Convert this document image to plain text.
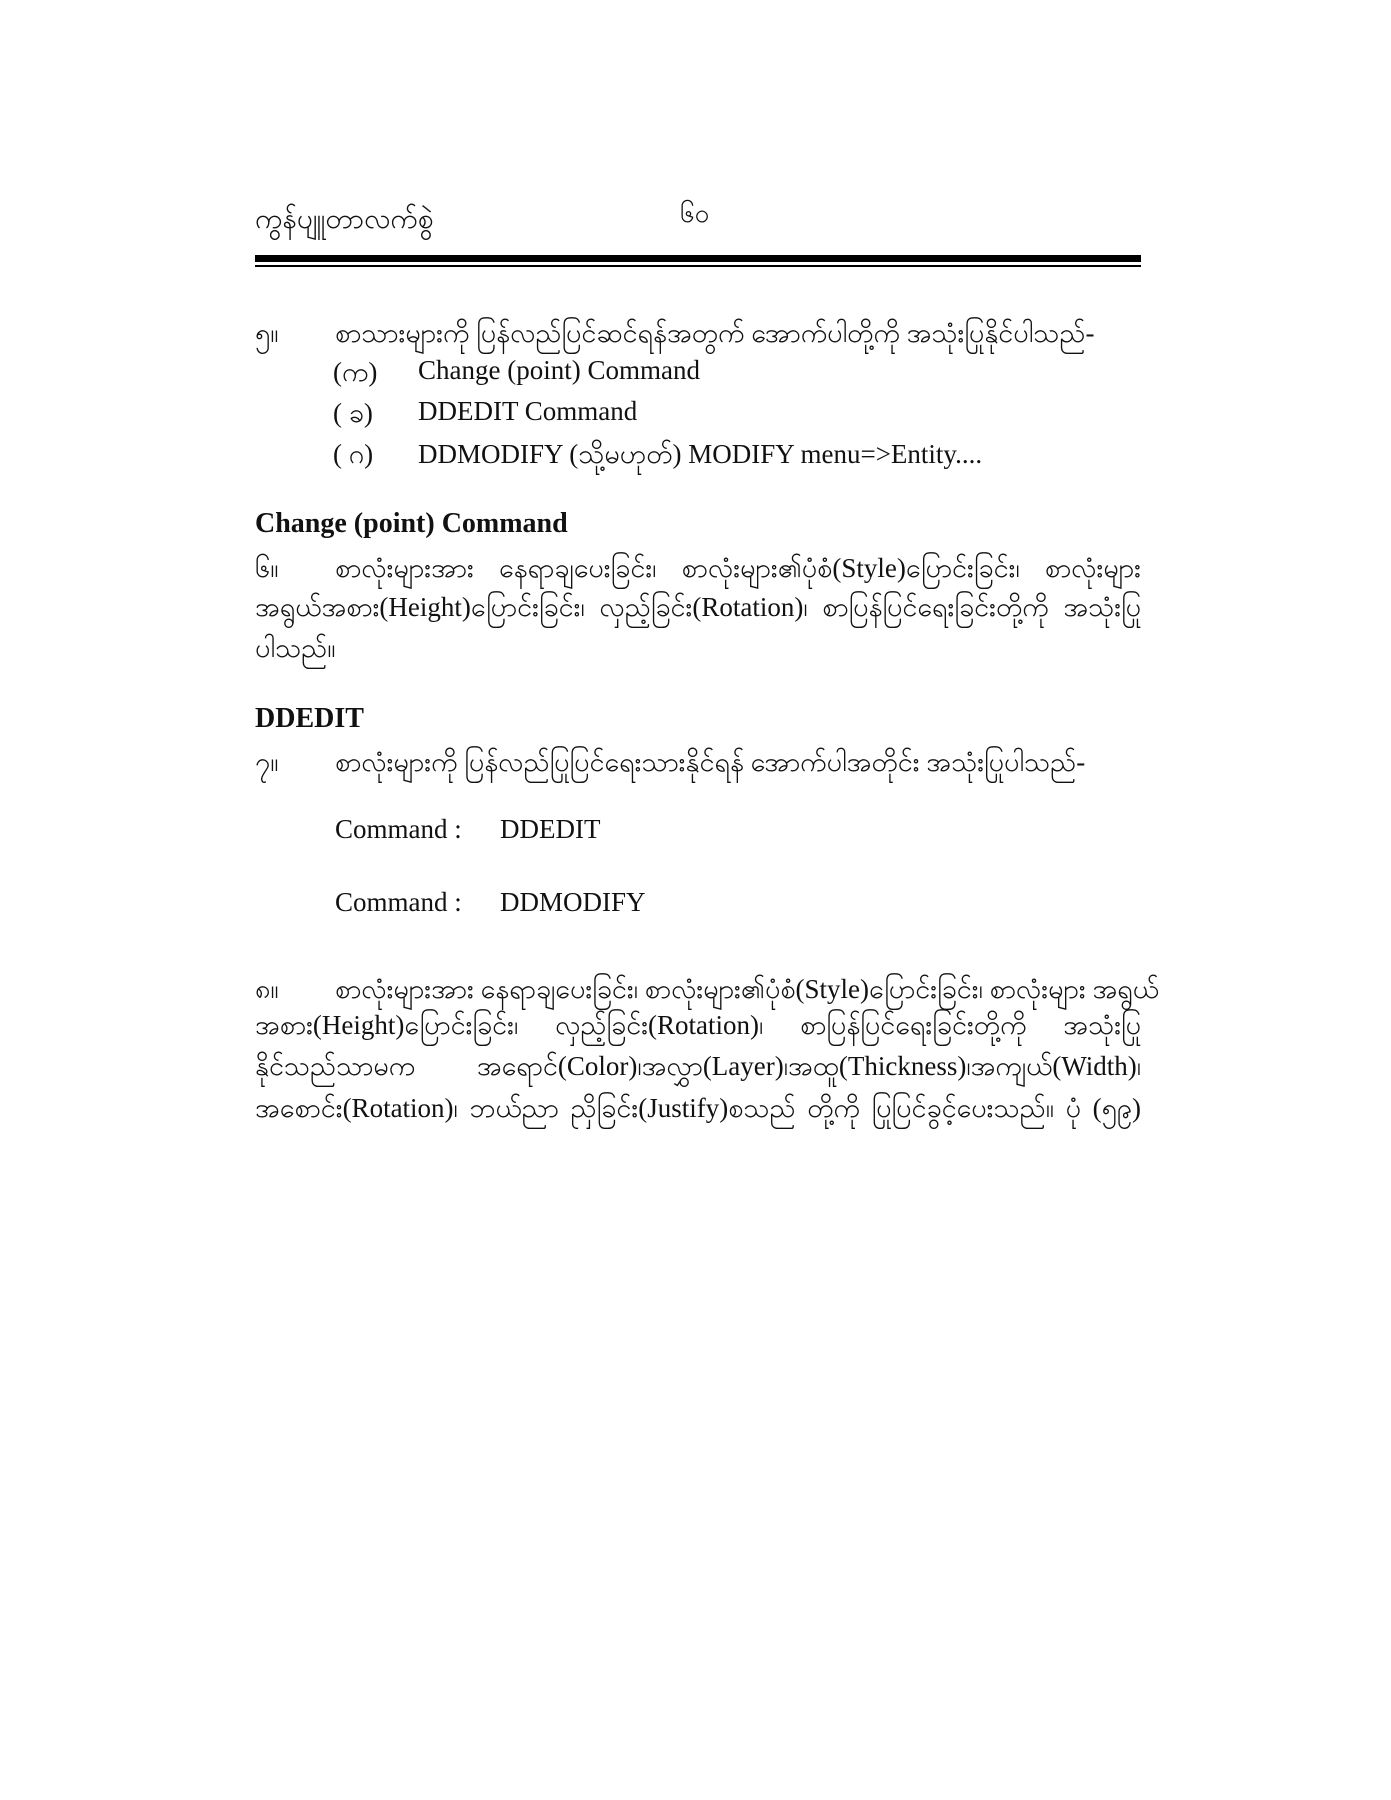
ကွန်ပျူတာလက်စွဲ	၆၀
၅။ စာသားများကို ပြန်လည်ပြင်ဆင်ရန်အတွက် အောက်ပါတို့ကို အသုံးပြုနိုင်ပါသည်-
(က) Change (point) Command
( ခ) DDEDIT Command
( ဂ) DDMODIFY (သို့မဟုတ်) MODIFY menu=>Entity....
Change (point) Command
၆။ စာလုံးများအား နေရာချပေးခြင်း၊ စာလုံးများ၏ပုံစံ(Style)ပြောင်းခြင်း၊ စာလုံးများ
အရွယ်အစား(Height)ပြောင်းခြင်း၊ လှည့်ခြင်း(Rotation)၊ စာပြန်ပြင်ရေးခြင်းတို့ကို အသုံးပြု
ပါသည်။
DDEDIT
၇။ စာလုံးများကို ပြန်လည်ပြုပြင်ရေးသားနိုင်ရန် အောက်ပါအတိုင်း အသုံးပြုပါသည်-
Command : DDEDIT
Command : DDMODIFY
၈။ စာလုံးများအား နေရာချပေးခြင်း၊ စာလုံးများ၏ပုံစံ(Style)ပြောင်းခြင်း၊ စာလုံးများ အရွယ်
အစား(Height)ပြောင်းခြင်း၊ လှည့်ခြင်း(Rotation)၊ စာပြန်ပြင်ရေးခြင်းတို့ကို အသုံးပြု
နိုင်သည်သာမက အရောင်(Color)၊အလွှာ(Layer)၊အထူ(Thickness)၊အကျယ်(Width)၊
အစောင်း(Rotation)၊ ဘယ်ညာ ညှိခြင်း(Justify)စသည် တို့ကို ပြုပြင်ခွင့်ပေးသည်။ ပုံ (၅၉)
